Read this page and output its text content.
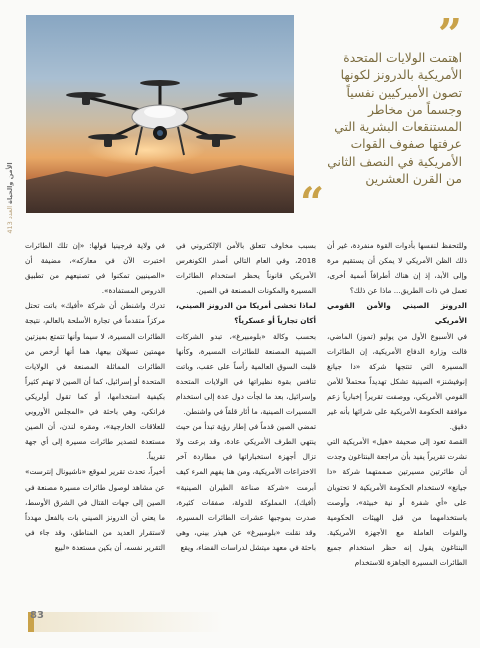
الأمن والحياة العدد 413
”
اهتمت الولايات المتحدة الأمريكية بالدرونز لكونها تصون الأميركيين نفسياً وجسماً من مخاطر المستنقعات البشرية التي عرفتها صفوف القوات الأمريكية في النصف الثاني من القرن العشرين
“

وللتحفظ لنفسها بأدوات القوة منفردة، غير أن ذلك الظن الأمريكي لا يمكن أن يستقيم مرة وإلى الأبد، إذ إن هناك أطرافاً أممية أخرى، تعمل في ذات الطريق... ماذا عن ذلك؟

الدرونز الصيني والأمن القومي الأمريكي

في الأسبوع الأول من يوليو (تموز) الماضي، قالت وزارة الدفاع الأمريكية، إن الطائرات المسيرة التي تنتجها شركة «دا جيانغ إنوفيشنز» الصينية تشكل تهديداً محتملاً للأمن القومي الأمريكي، ووصفت تقريراً إخبارياً زعم موافقة الحكومة الأمريكية على شرائها بأنه غير دقيق.

القصة تعود إلى صحيفة «هيل» الأمريكية التي نشرت تقريراً يفيد بأن مراجعة البنتاغون وجدت أن طائرتين مسيرتين صممتهما شركة «دا جيانغ» لاستخدام الحكومة الأمريكية لا تحتويان على «أي شفرة أو نية خبيثة»، وأوصت باستخدامهما من قبل الهيئات الحكومية والقوات العاملة مع الأجهزة الأمريكية. البنتاغون يقول إنه حظر استخدام جميع الطائرات المسيرة الجاهزة للاستخدام

بسبب مخاوف تتعلق بالأمن الإلكتروني في 2018، وفي العام التالي أصدر الكونغرس الأمريكي قانوناً يحظر استخدام الطائرات المسيرة والمكونات المصنعة في الصين.

لماذا تخشى أمريكا من الدرونز الصيني، أكان تجارياً أو عسكرياً؟

بحسب وكالة «بلومبيرغ»، تبدو الشركات الصينية المصنعة للطائرات المسيرة، وكأنها قلبت السوق العالمية رأساً على عقب، وباتت تنافس بقوة نظيراتها في الولايات المتحدة وإسرائيل، بعد ما لجأت دول عدة إلى استخدام المسيرات الصينية، ما أثار قلقاً في واشنطن.

تمضي الصين قدماً في إطار رؤية تبدأ من حيث ينتهي الطرف الأمريكي عادة، وقد برعت ولا تزال أجهزة استخباراتها في مطاردة آخر الاختراعات الأمريكية، ومن هنا يفهم المرء كيف أبرمت «شركة صناعة الطيران الصينية» (أفيك)، المملوكة للدولة، صفقات كثيرة، صدرت بموجبها عشرات الطائرات المسيرة، وقد نقلت «بلومبيرغ» عن هيذر بيني، وهي باحثة في معهد ميتشل لدراسات الفضاء، ويقع

في ولاية فرجينيا قولها: «إن تلك الطائرات اختبرت الآن في معاركه»، مضيفة أن «الصينيين تمكنوا في تصنيعهم من تطبيق الدروس المستفادة».

تدرك واشنطن أن شركة «أفيك» باتت تحتل مركزاً متقدماً في تجارة الأسلحة بالعالم، نتيجة الطائرات المسيرة، لا سيما وأنها تتمتع بميزتين مهمتين تسهلان بيعها، هما أنها أرخص من الطائرات المماثلة المصنعة في الولايات المتحدة أو إسرائيل، كما أن الصين لا تهتم كثيراً بكيفية استخدامها، أو كما تقول أولريكي فرانكي، وهي باحثة في «المجلس الأوروبي للعلاقات الخارجية»، ومقره لندن، أن الصين مستعدة لتصدير طائرات مسيرة إلى أي جهة تقريباً.

أخيراً، تحدث تقرير لموقع «ناشيونال إنترست» عن مشاهد لوصول طائرات مسيرة مصنعة في الصين إلى جهات القتال في الشرق الأوسط، ما يعني أن الدرونز الصيني بات بالفعل مهدداً لاستقرار العديد من المناطق، وقد جاء في التقرير نفسه، أن بكين مستعدة «لبيع

83
